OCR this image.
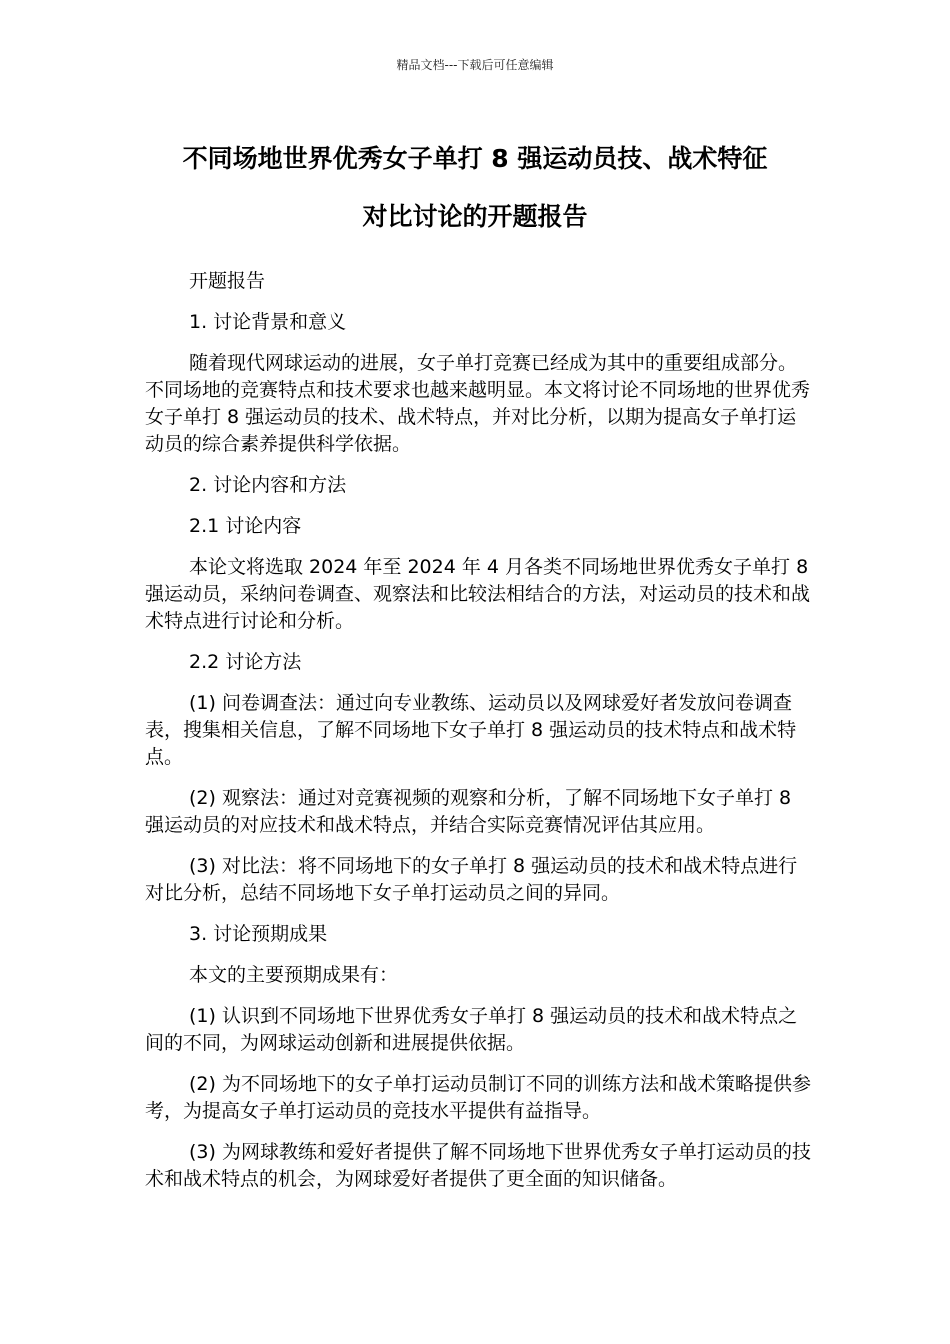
精品文档---下载后可任意编辑
不同场地世界优秀女子单打 8 强运动员技、战术特征
对比讨论的开题报告

开题报告

1. 讨论背景和意义

随着现代网球运动的进展，女子单打竞赛已经成为其中的重要组成部分。不同场地的竞赛特点和技术要求也越来越明显。本文将讨论不同场地的世界优秀女子单打 8 强运动员的技术、战术特点，并对比分析，以期为提高女子单打运动员的综合素养提供科学依据。

2. 讨论内容和方法

2.1 讨论内容

本论文将选取 2024 年至 2024 年 4 月各类不同场地世界优秀女子单打 8 强运动员，采纳问卷调查、观察法和比较法相结合的方法，对运动员的技术和战术特点进行讨论和分析。

2.2 讨论方法

(1) 问卷调查法：通过向专业教练、运动员以及网球爱好者发放问卷调查表，搜集相关信息，了解不同场地下女子单打 8 强运动员的技术特点和战术特点。

(2) 观察法：通过对竞赛视频的观察和分析，了解不同场地下女子单打 8 强运动员的对应技术和战术特点，并结合实际竞赛情况评估其应用。

(3) 对比法：将不同场地下的女子单打 8 强运动员的技术和战术特点进行对比分析，总结不同场地下女子单打运动员之间的异同。

3. 讨论预期成果

本文的主要预期成果有：

(1) 认识到不同场地下世界优秀女子单打 8 强运动员的技术和战术特点之间的不同，为网球运动创新和进展提供依据。

(2) 为不同场地下的女子单打运动员制订不同的训练方法和战术策略提供参考，为提高女子单打运动员的竞技水平提供有益指导。

(3) 为网球教练和爱好者提供了解不同场地下世界优秀女子单打运动员的技术和战术特点的机会，为网球爱好者提供了更全面的知识储备。
